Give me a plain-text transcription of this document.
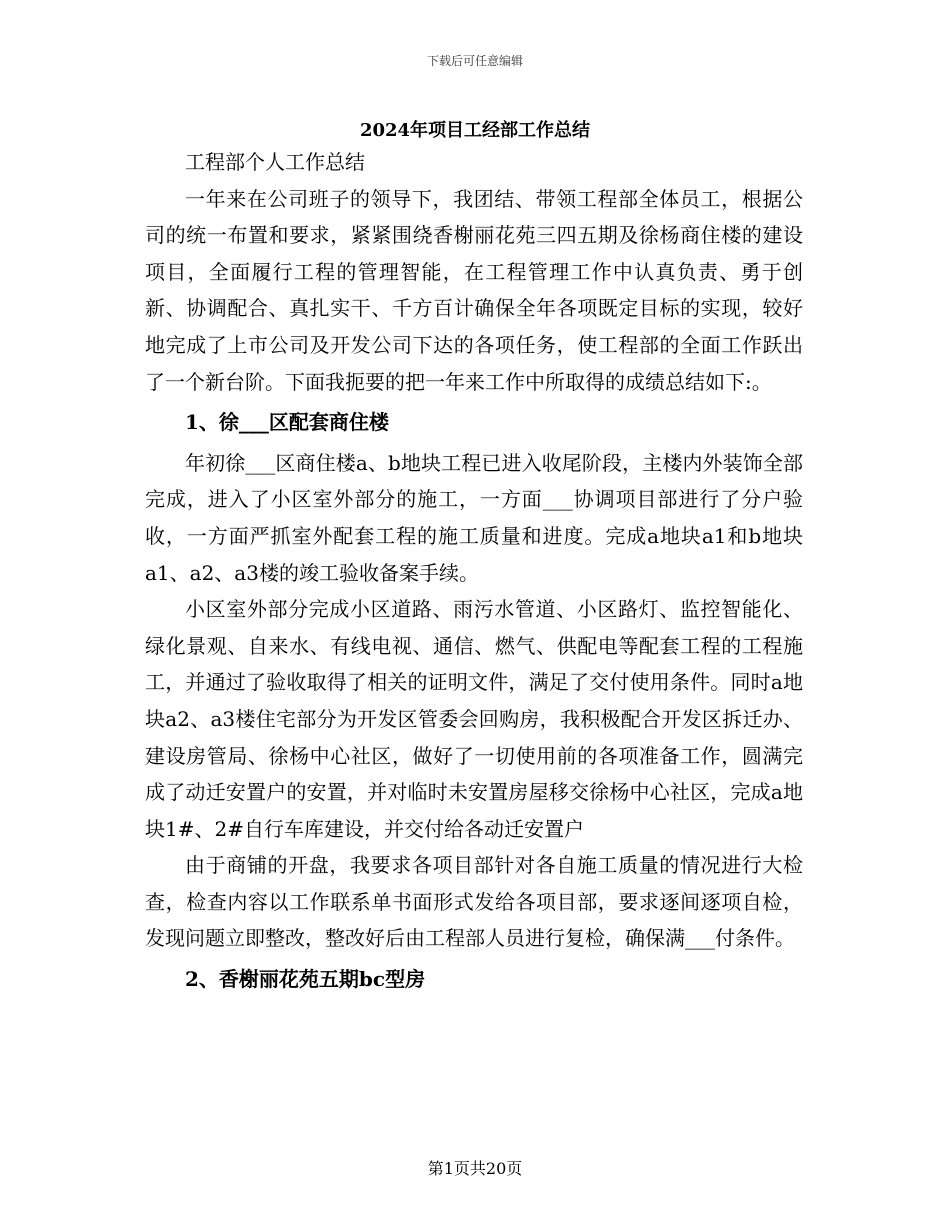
下载后可任意编辑
2024年项目工经部工作总结

工程部个人工作总结

一年来在公司班子的领导下，我团结、带领工程部全体员工，根据公司的统一布置和要求，紧紧围绕香榭丽花苑三四五期及徐杨商住楼的建设项目，全面履行工程的管理智能，在工程管理工作中认真负责、勇于创新、协调配合、真扎实干、千方百计确保全年各项既定目标的实现，较好地完成了上市公司及开发公司下达的各项任务，使工程部的全面工作跃出了一个新台阶。下面我扼要的把一年来工作中所取得的成绩总结如下:。

1、徐___区配套商住楼

年初徐___区商住楼a、b地块工程已进入收尾阶段，主楼内外装饰全部完成，进入了小区室外部分的施工，一方面___协调项目部进行了分户验收，一方面严抓室外配套工程的施工质量和进度。完成a地块a1和b地块a1、a2、a3楼的竣工验收备案手续。

小区室外部分完成小区道路、雨污水管道、小区路灯、监控智能化、绿化景观、自来水、有线电视、通信、燃气、供配电等配套工程的工程施工，并通过了验收取得了相关的证明文件，满足了交付使用条件。同时a地块a2、a3楼住宅部分为开发区管委会回购房，我积极配合开发区拆迁办、建设房管局、徐杨中心社区，做好了一切使用前的各项准备工作，圆满完成了动迁安置户的安置，并对临时未安置房屋移交徐杨中心社区，完成a地块1#、2#自行车库建设，并交付给各动迁安置户

由于商铺的开盘，我要求各项目部针对各自施工质量的情况进行大检查，检查内容以工作联系单书面形式发给各项目部，要求逐间逐项自检，发现问题立即整改，整改好后由工程部人员进行复检，确保满___付条件。

2、香榭丽花苑五期bc型房

第1页共20页
